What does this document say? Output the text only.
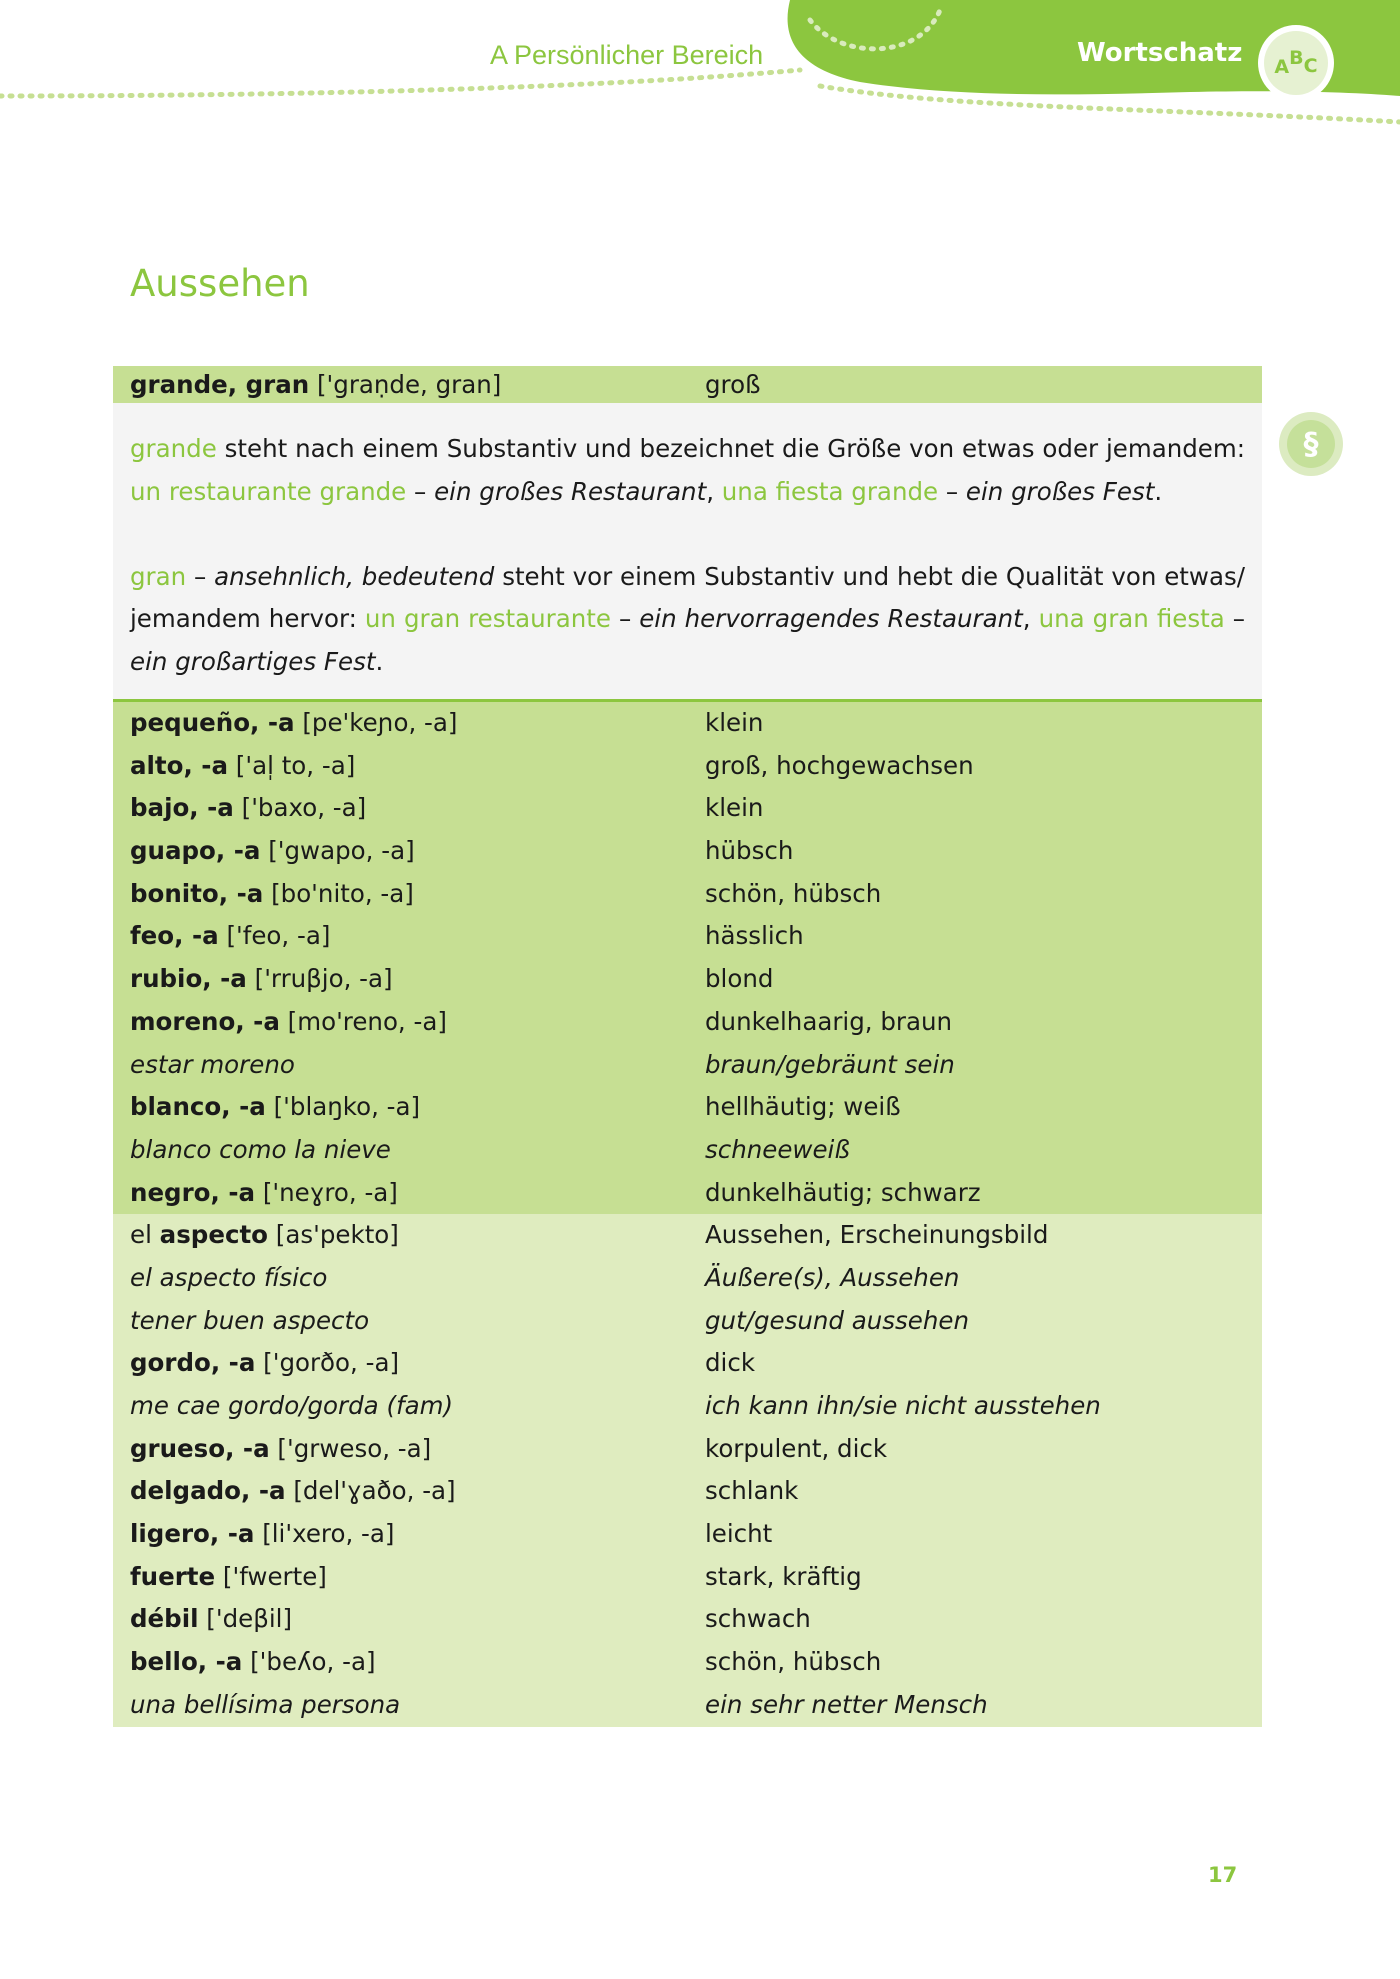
A Persönlicher Bereich	Wortschatz A B C
Aussehen
§
grande, gran ['graṇde, gran]	groß

grande steht nach einem Substantiv und bezeichnet die Größe von etwas oder jemandem: un restaurante grande – ein großes Restaurant, una fiesta grande – ein großes Fest.

gran – ansehnlich, bedeutend steht vor einem Substantiv und hebt die Qualität von etwas/ jemandem hervor: un gran restaurante – ein hervorragendes Restaurant, una gran fiesta – ein großartiges Fest.

pequeño, -a [pe'keɲo, -a]	klein
alto, -a ['al̩ to, -a]	groß, hochgewachsen
bajo, -a ['baxo, -a]	klein
guapo, -a ['gwapo, -a]	hübsch
bonito, -a [bo'nito, -a]	schön, hübsch
feo, -a ['feo, -a]	hässlich
rubio, -a ['rruβjo, -a]	blond
moreno, -a [mo'reno, -a]	dunkelhaarig, braun
estar moreno	braun/gebräunt sein
blanco, -a ['blaŋko, -a]	hellhäutig; weiß
blanco como la nieve	schneeweiß
negro, -a ['neɣro, -a]	dunkelhäutig; schwarz
el aspecto [as'pekto]	Aussehen, Erscheinungsbild
el aspecto físico	Äußere(s), Aussehen
tener buen aspecto	gut/gesund aussehen
gordo, -a ['gorðo, -a]	dick
me cae gordo/gorda (fam)	ich kann ihn/sie nicht ausstehen
grueso, -a ['grweso, -a]	korpulent, dick
delgado, -a [del'ɣaðo, -a]	schlank
ligero, -a [li'xero, -a]	leicht
fuerte ['fwerte]	stark, kräftig
débil ['deβil]	schwach
bello, -a ['beʎo, -a]	schön, hübsch
una bellísima persona	ein sehr netter Mensch
17
